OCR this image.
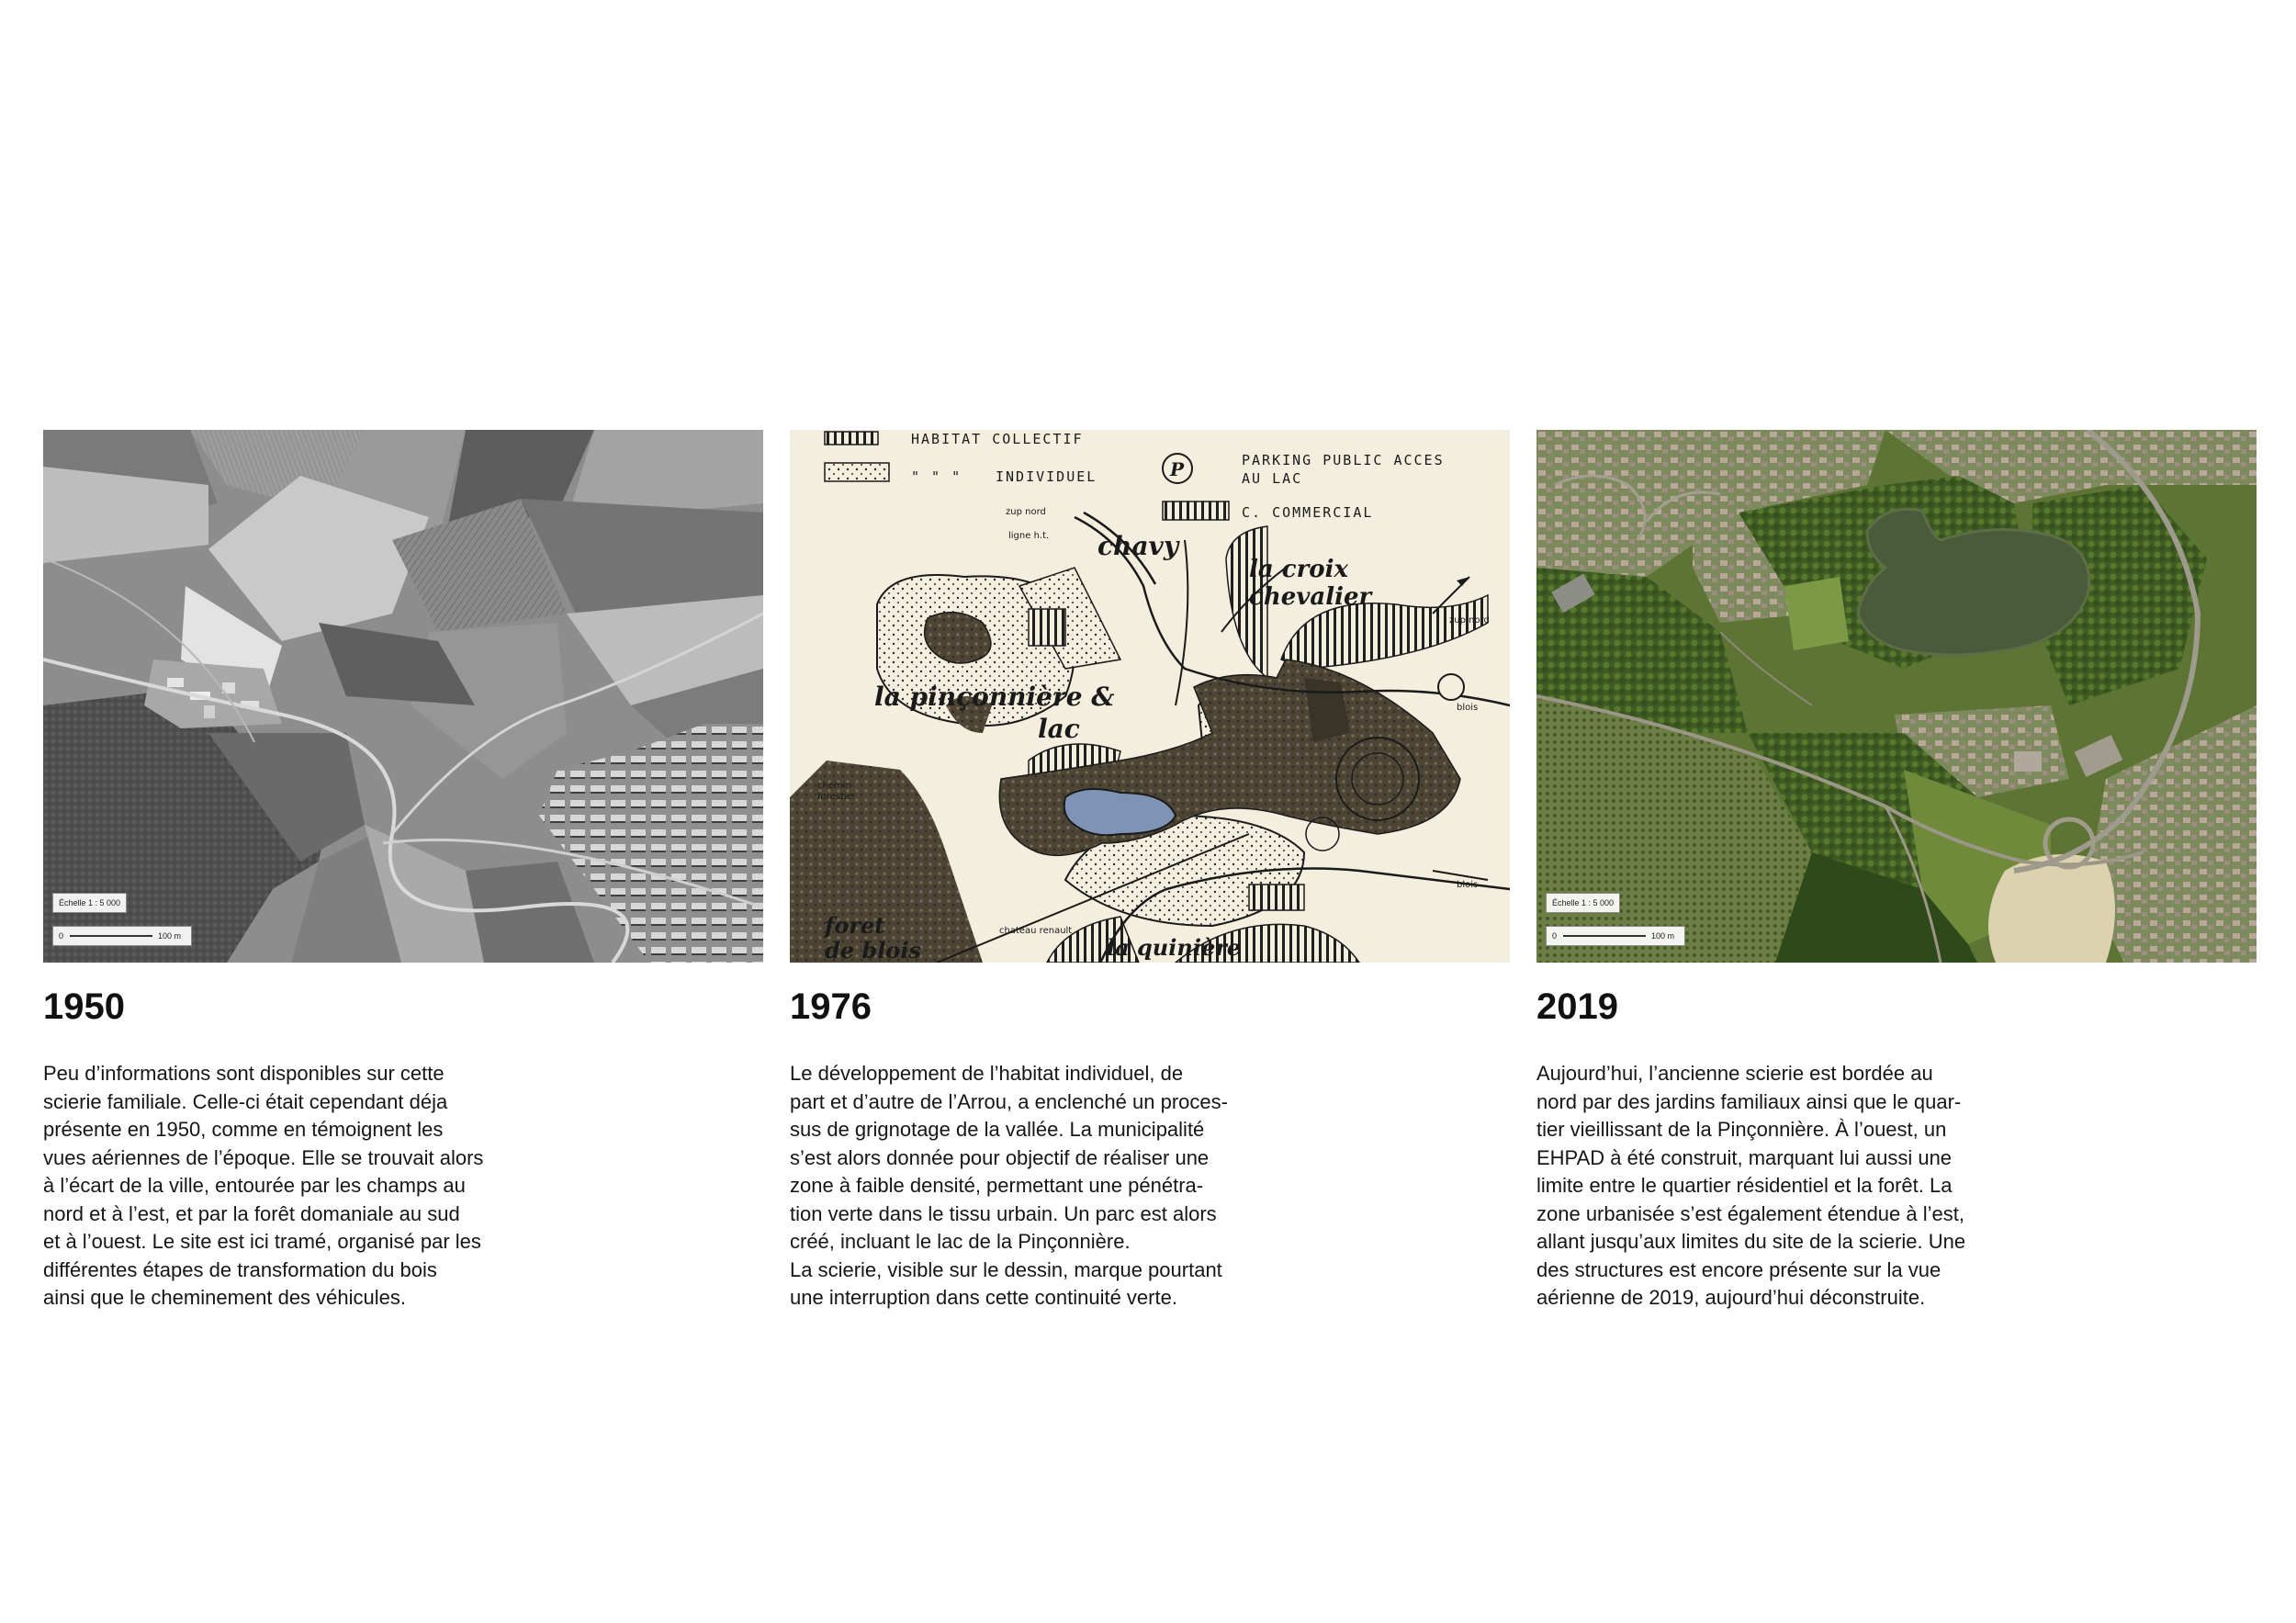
Échelle 1 : 5 000
0	100 m
1950
Peu d’informations sont disponibles sur cette
scierie familiale. Celle-ci était cependant déja
présente en 1950, comme en témoignent les
vues aériennes de l’époque. Elle se trouvait alors
à l’écart de la ville, entourée par les champs au
nord et à l’est, et par la forêt domaniale au sud
et à l’ouest. Le site est ici tramé, organisé par les
différentes étapes de transformation du bois
ainsi que le cheminement des véhicules.
HABITAT COLLECTIF
" " " INDIVIDUEL	P	PARKING PUBLIC ACCES
AU LAC
C. COMMERCIAL
chavy
la croix
chevalier
la pinçonnière &
lac
foret
de blois	la quinière
zup nord
ligne h.t.
zup nord
blois
blois
chemin
forestier
chateau renault
1976
Le développement de l’habitat individuel, de
part et d’autre de l’Arrou, a enclenché un proces-
sus de grignotage de la vallée. La municipalité
s’est alors donnée pour objectif de réaliser une
zone à faible densité, permettant une pénétra-
tion verte dans le tissu urbain. Un parc est alors
créé, incluant le lac de la Pinçonnière.
La scierie, visible sur le dessin, marque pourtant
une interruption dans cette continuité verte.
Échelle 1 : 5 000
0	100 m
2019
Aujourd’hui, l’ancienne scierie est bordée au
nord par des jardins familiaux ainsi que le quar-
tier vieillissant de la Pinçonnière. À l’ouest, un
EHPAD à été construit, marquant lui aussi une
limite entre le quartier résidentiel et la forêt. La
zone urbanisée s’est également étendue à l’est,
allant jusqu’aux limites du site de la scierie. Une
des structures est encore présente sur la vue
aérienne de 2019, aujourd’hui déconstruite.
